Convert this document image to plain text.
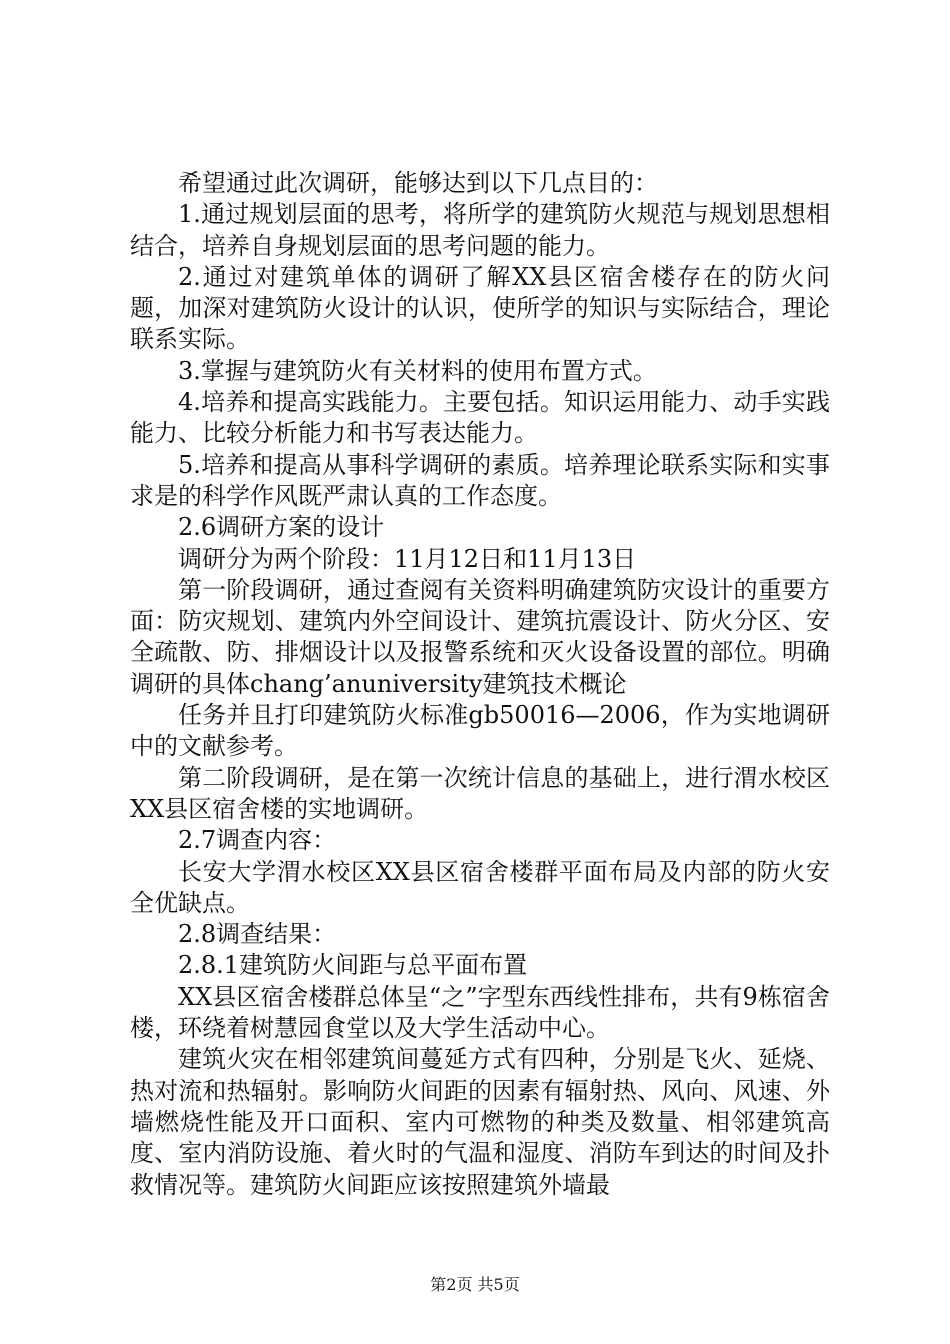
希望通过此次调研，能够达到以下几点目的：

1.通过规划层面的思考，将所学的建筑防火规范与规划思想相结合，培养自身规划层面的思考问题的能力。

2.通过对建筑单体的调研了解XX县区宿舍楼存在的防火问题，加深对建筑防火设计的认识，使所学的知识与实际结合，理论联系实际。

3.掌握与建筑防火有关材料的使用布置方式。

4.培养和提高实践能力。主要包括。知识运用能力、动手实践能力、比较分析能力和书写表达能力。

5.培养和提高从事科学调研的素质。培养理论联系实际和实事求是的科学作风既严肃认真的工作态度。

2.6调研方案的设计

调研分为两个阶段：11月12日和11月13日

第一阶段调研，通过查阅有关资料明确建筑防灾设计的重要方面：防灾规划、建筑内外空间设计、建筑抗震设计、防火分区、安全疏散、防、排烟设计以及报警系统和灭火设备设置的部位。明确调研的具体chang’anuniversity建筑技术概论

任务并且打印建筑防火标准gb50016—2006，作为实地调研中的文献参考。

第二阶段调研，是在第一次统计信息的基础上，进行渭水校区XX县区宿舍楼的实地调研。

2.7调查内容：

长安大学渭水校区XX县区宿舍楼群平面布局及内部的防火安全优缺点。

2.8调查结果：

2.8.1建筑防火间距与总平面布置

XX县区宿舍楼群总体呈“之”字型东西线性排布，共有9栋宿舍楼，环绕着树慧园食堂以及大学生活动中心。

建筑火灾在相邻建筑间蔓延方式有四种，分别是飞火、延烧、热对流和热辐射。影响防火间距的因素有辐射热、风向、风速、外墙燃烧性能及开口面积、室内可燃物的种类及数量、相邻建筑高度、室内消防设施、着火时的气温和湿度、消防车到达的时间及扑救情况等。建筑防火间距应该按照建筑外墙最

第2页 共5页
